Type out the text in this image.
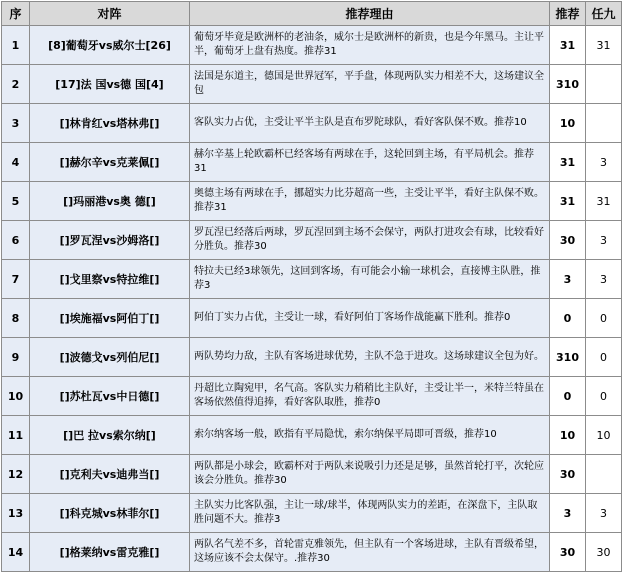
序	对阵	推荐理由	推荐	任九
1	[8]葡萄牙vs威尔士[26]	葡萄牙毕竟是欧洲杯的老油条，威尔士是欧洲杯的新贵，也是今年黑马。主让平半，葡萄牙上盘有热度。推荐31	31	31
2	[17]法 国vs德 国[4]	法国是东道主，德国是世界冠军，平手盘，体现两队实力相差不大，这场建议全包	310	
3	[]林肯红vs塔林弗[]	客队实力占优，主受让平半主队是直布罗陀球队，看好客队保不败。推荐10	10	
4	[]赫尔辛vs克莱佩[]	赫尔辛基上轮欧霸杯已经客场有两球在手，这轮回到主场，有平局机会。推荐31	31	3
5	[]玛丽港vs奥 德[]	奥德主场有两球在手，挪超实力比芬超高一些，主受让平半，看好主队保不败。推荐31	31	31
6	[]罗瓦涅vs沙姆洛[]	罗瓦涅已经落后两球，罗瓦涅回到主场不会保守，两队打进攻会有球，比较看好分胜负。推荐30	30	3
7	[]戈里察vs特拉维[]	特拉夫已经3球领先，这回到客场，有可能会小输一球机会，直接博主队胜，推荐3	3	3
8	[]埃施福vs阿伯丁[]	阿伯丁实力占优，主受让一球，看好阿伯丁客场作战能赢下胜利。推荐0	0	0
9	[]波德戈vs列伯尼[]	两队势均力敌，主队有客场进球优势，主队不急于进攻。这场球建议全包为好。	310	0
10	[]苏杜瓦vs中日德[]	丹超比立陶宛甲，名气高。客队实力稍稍比主队好，主受让半一，米特兰特虽在客场依然值得追捧，看好客队取胜，推荐0	0	0
11	[]巴 拉vs索尔纳[]	索尔纳客场一般，欧指有平局隐忧，索尔纳保平局即可晋级，推荐10	10	10
12	[]克利夫vs迪弗当[]	两队都是小球会，欧霸杯对于两队来说吸引力还是足够，虽然首轮打平，次轮应该会分胜负。推荐30	30	
13	[]科克城vs林菲尔[]	主队实力比客队强，主让一球/球半，体现两队实力的差距，在深盘下，主队取胜问题不大。推荐3	3	3
14	[]格莱纳vs雷克雅[]	两队名气差不多，首轮雷克雅领先，但主队有一个客场进球，主队有晋级希望，这场应该不会太保守。.推荐30	30	30
